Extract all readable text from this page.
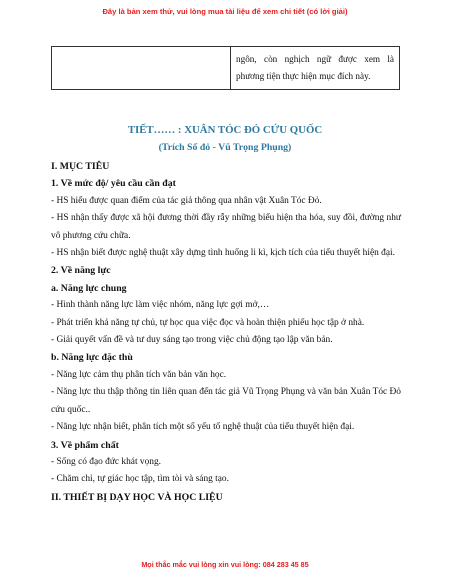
Đây là bản xem thử, vui lòng mua tài liệu để xem chi tiết (có lời giải)
	ngôn, còn nghịch ngữ được xem là phương tiện thực hiện mục đích này.
TIẾT…… : XUÂN TÓC ĐỎ CỨU QUỐC
(Trích Số đỏ - Vũ Trọng Phụng)

I. MỤC TIÊU

1. Về mức độ/ yêu cầu cần đạt

- HS hiểu được quan điểm của tác giả thông qua nhân vật Xuân Tóc Đỏ.

- HS nhận thấy được xã hội đương thời đầy rẫy những biểu hiện tha hóa, suy đồi, đường như vô phương cứu chữa.

- HS nhận biết được nghệ thuật xây dựng tình huống li kì, kịch tích của tiểu thuyết hiện đại.

2. Về năng lực

a. Năng lực chung

- Hình thành năng lực làm việc nhóm, năng lực gợi mở,…

- Phát triển khả năng tự chủ, tự học qua việc đọc và hoàn thiện phiếu học tập ở nhà.

- Giải quyết vấn đề và tư duy sáng tạo trong việc chủ động tạo lập văn bản.

b. Năng lực đặc thù

- Năng lực cảm thụ phân tích văn bản văn học.

- Năng lực thu thập thông tin liên quan đến tác giả Vũ Trọng Phụng và văn bản Xuân Tóc Đỏ cứu quốc..

- Năng lực nhận biết, phân tích một số yếu tố nghệ thuật của tiểu thuyết hiện đại.

3. Về phẩm chất

- Sống có đạo đức khát vọng.

- Chăm chỉ, tự giác học tập, tìm tòi và sáng tạo.

II. THIẾT BỊ DẠY HỌC VÀ HỌC LIỆU

Mọi thắc mắc vui lòng xin vui lòng: 084 283 45 85
